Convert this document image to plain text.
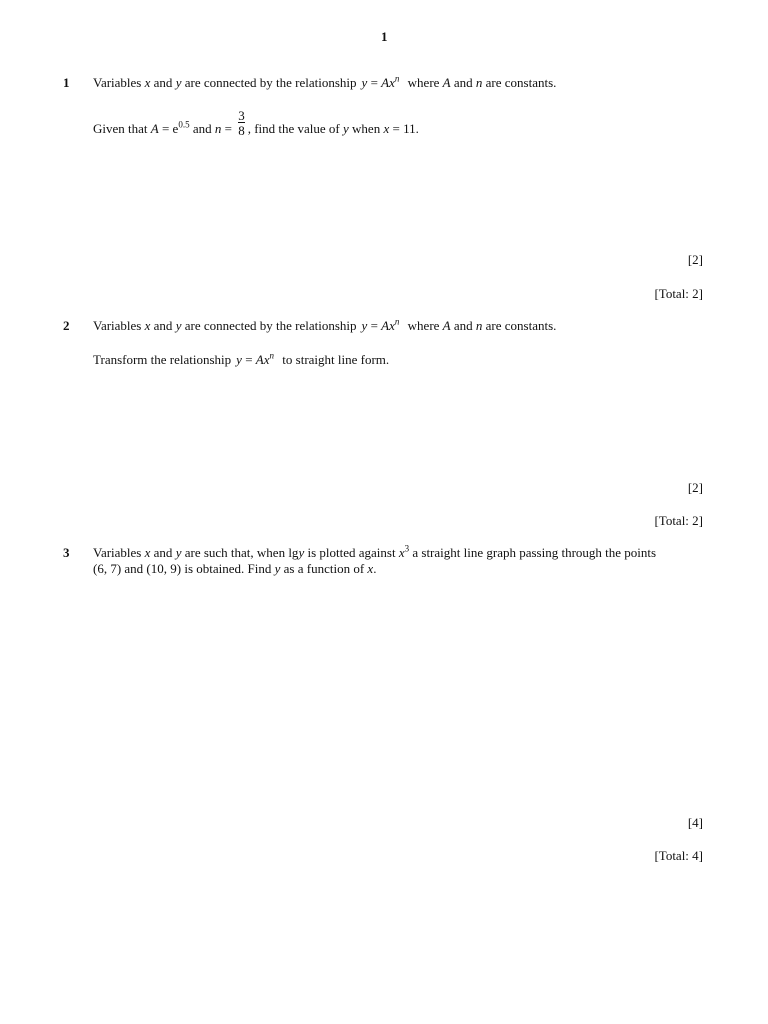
1
1 Variables x and y are connected by the relationship $y = Ax^n$ where A and n are constants.
Given that $A = e^{0.5}$ and $n = \frac{3}{8}$ , find the value of y when x = 11.
[2]
[Total: 2]
2 Variables x and y are connected by the relationship $y = Ax^n$ where A and n are constants.
Transform the relationship $y = Ax^n$ to straight line form.
[2]
[Total: 2]
3 Variables x and y are such that, when lgy is plotted against $x^3$ a straight line graph passing through the points
(6, 7) and (10, 9) is obtained. Find y as a function of x.
[4]
[Total: 4]
